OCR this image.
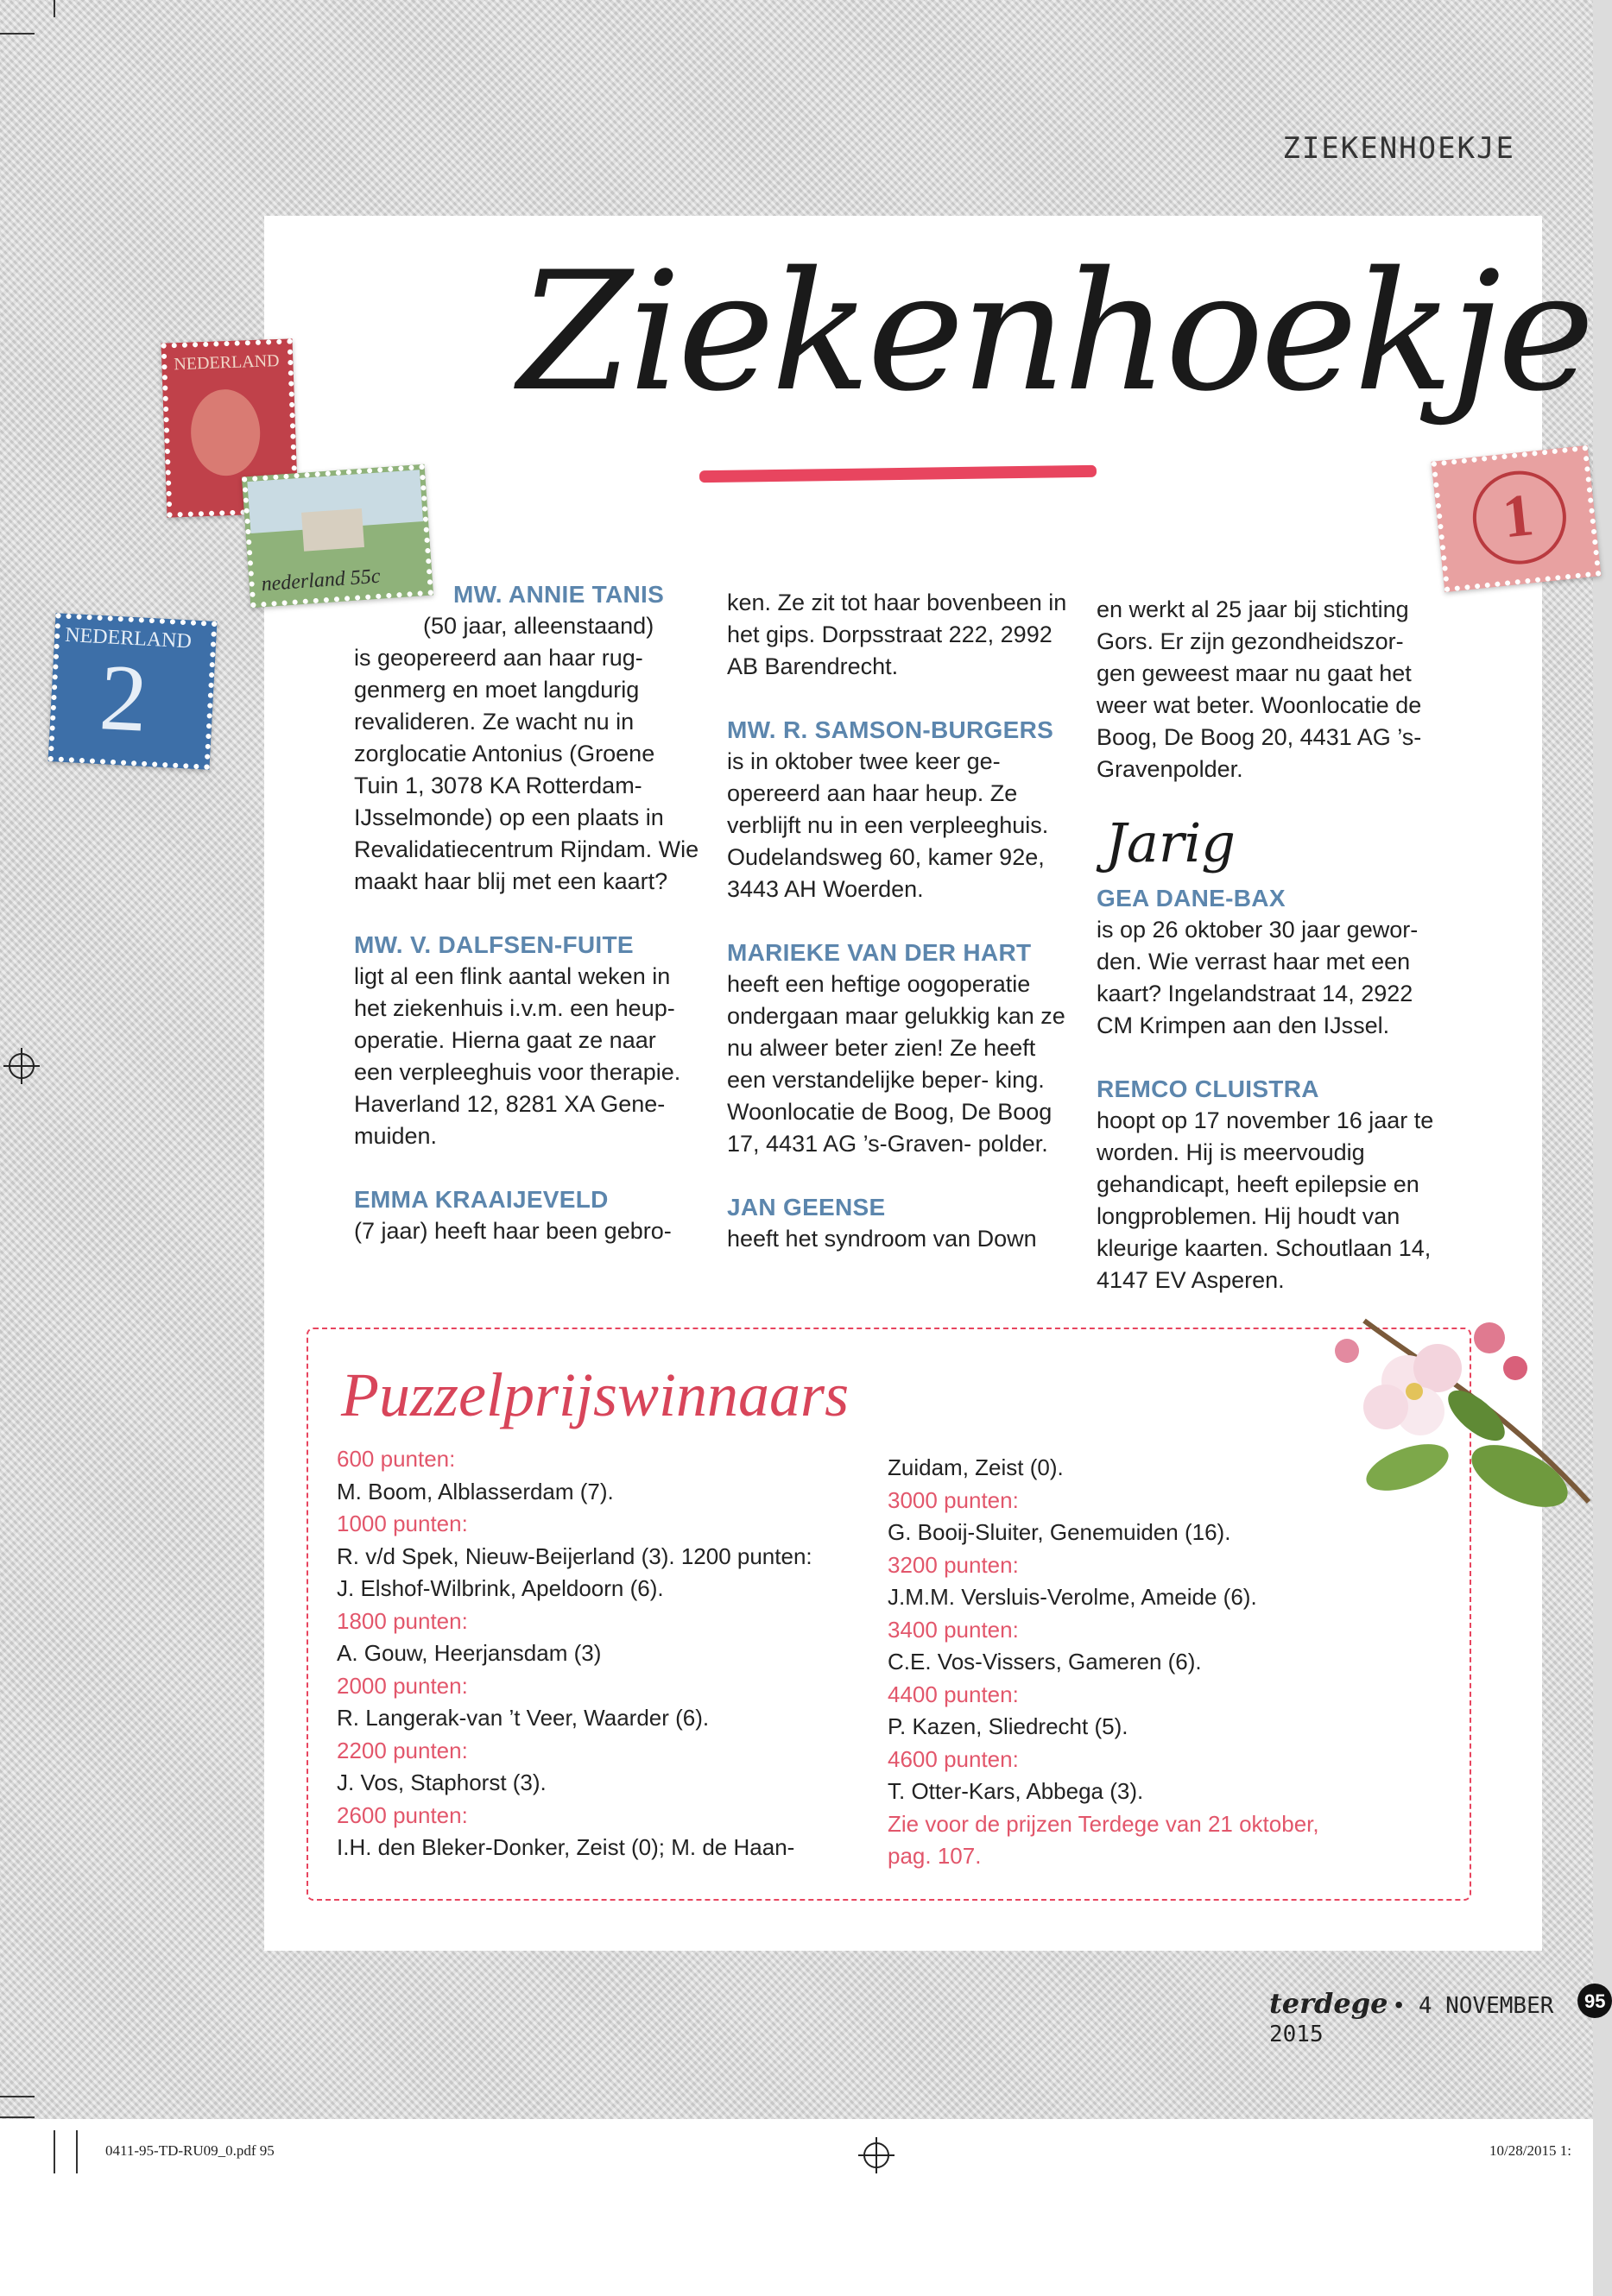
0411-95-TD-RU09_0.pdf 95	10/28/2015 1:
ZIEKENHOEKJE
NEDERLAND
nederland 55c
NEDERLAND
2
1
Ziekenhoekje

MW. ANNIE TANIS
(50 jaar, alleenstaand)
is geopereerd aan haar rug- genmerg en moet langdurig revalideren. Ze wacht nu in zorglocatie Antonius (Groene Tuin 1, 3078 KA Rotterdam- IJsselmonde) op een plaats in Revalidatiecentrum Rijndam. Wie maakt haar blij met een kaart?

MW. V. DALFSEN-FUITE
ligt al een flink aantal weken in het ziekenhuis i.v.m. een heup- operatie. Hierna gaat ze naar een verpleeghuis voor therapie. Haverland 12, 8281 XA Gene- muiden.

EMMA KRAAIJEVELD
(7 jaar) heeft haar been gebro-

ken. Ze zit tot haar bovenbeen in het gips. Dorpsstraat 222, 2992 AB Barendrecht.

MW. R. SAMSON-BURGERS
is in oktober twee keer ge- opereerd aan haar heup. Ze verblijft nu in een verpleeghuis. Oudelandsweg 60, kamer 92e, 3443 AH Woerden.

MARIEKE VAN DER HART
heeft een heftige oogoperatie ondergaan maar gelukkig kan ze nu alweer beter zien! Ze heeft een verstandelijke beper- king. Woonlocatie de Boog, De Boog 17, 4431 AG ’s-Graven- polder.

JAN GEENSE
heeft het syndroom van Down

en werkt al 25 jaar bij stichting Gors. Er zijn gezondheidszor- gen geweest maar nu gaat het weer wat beter. Woonlocatie de Boog, De Boog 20, 4431 AG ’s-Gravenpolder.

Jarig

GEA DANE-BAX
is op 26 oktober 30 jaar gewor- den. Wie verrast haar met een kaart? Ingelandstraat 14, 2922 CM Krimpen aan den IJssel.

REMCO CLUISTRA
hoopt op 17 november 16 jaar te worden. Hij is meervoudig gehandicapt, heeft epilepsie en longproblemen. Hij houdt van kleurige kaarten. Schoutlaan 14, 4147 EV Asperen.

Puzzelprijswinnaars
600 punten:
M. Boom, Alblasserdam (7).
1000 punten:
R. v/d Spek, Nieuw-Beijerland (3). 1200 punten:
J. Elshof-Wilbrink, Apeldoorn (6).
1800 punten:
A. Gouw, Heerjansdam (3)
2000 punten:
R. Langerak-van ’t Veer, Waarder (6).
2200 punten:
J. Vos, Staphorst (3).
2600 punten:
I.H. den Bleker-Donker, Zeist (0); M. de Haan-
Zuidam, Zeist (0).
3000 punten:
G. Booij-Sluiter, Genemuiden (16).
3200 punten:
J.M.M. Versluis-Verolme, Ameide (6).
3400 punten:
C.E. Vos-Vissers, Gameren (6).
4400 punten:
P. Kazen, Sliedrecht (5).
4600 punten:
T. Otter-Kars, Abbega (3).
Zie voor de prijzen Terdege van 21 oktober,
pag. 107.
terdege • 4 NOVEMBER 2015
95
